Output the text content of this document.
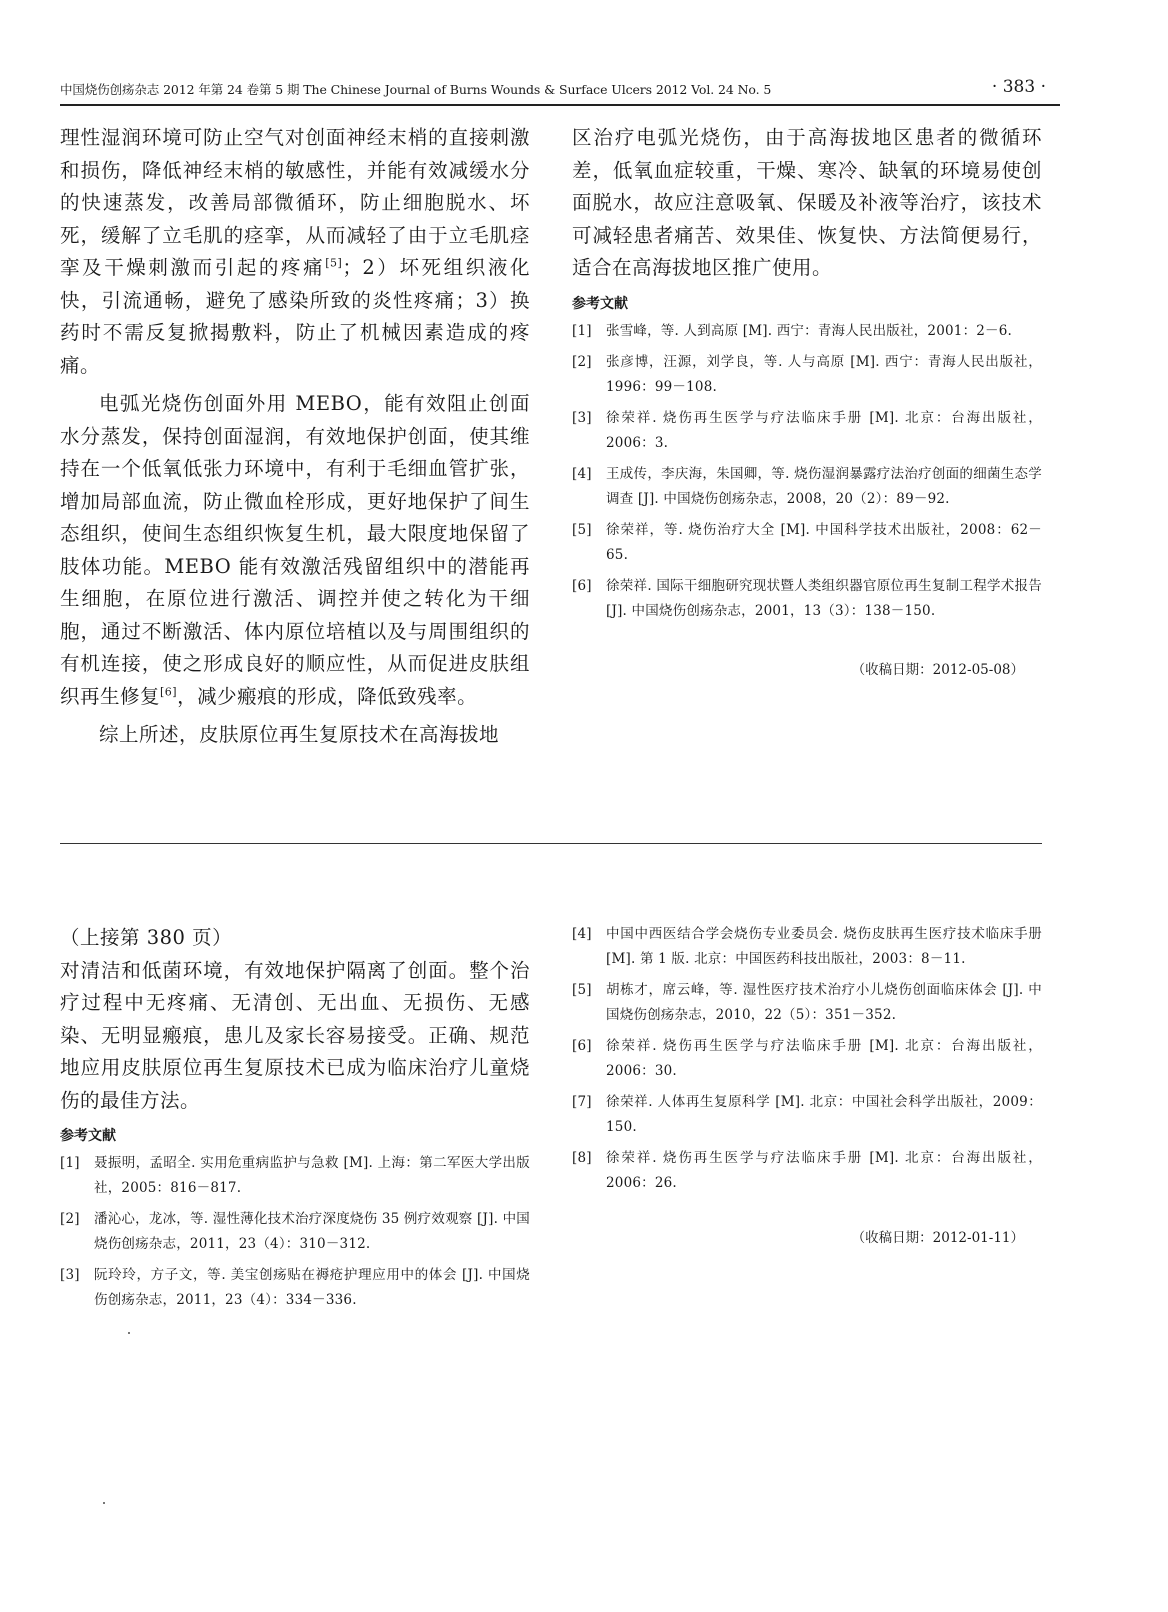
中国烧伤创疡杂志 2012 年第 24 卷第 5 期 The Chinese Journal of Burns Wounds & Surface Ulcers 2012 Vol. 24 No. 5	· 383 ·

理性湿润环境可防止空气对创面神经末梢的直接刺激和损伤，降低神经末梢的敏感性，并能有效减缓水分的快速蒸发，改善局部微循环，防止细胞脱水、坏死，缓解了立毛肌的痉挛，从而减轻了由于立毛肌痉挛及干燥刺激而引起的疼痛[5]；2）坏死组织液化快，引流通畅，避免了感染所致的炎性疼痛；3）换药时不需反复掀揭敷料，防止了机械因素造成的疼痛。

电弧光烧伤创面外用 MEBO，能有效阻止创面水分蒸发，保持创面湿润，有效地保护创面，使其维持在一个低氧低张力环境中，有利于毛细血管扩张，增加局部血流，防止微血栓形成，更好地保护了间生态组织，使间生态组织恢复生机，最大限度地保留了肢体功能。MEBO 能有效激活残留组织中的潜能再生细胞，在原位进行激活、调控并使之转化为干细胞，通过不断激活、体内原位培植以及与周围组织的有机连接，使之形成良好的顺应性，从而促进皮肤组织再生修复[6]，减少瘢痕的形成，降低致残率。

综上所述，皮肤原位再生复原技术在高海拔地

区治疗电弧光烧伤，由于高海拔地区患者的微循环差，低氧血症较重，干燥、寒冷、缺氧的环境易使创面脱水，故应注意吸氧、保暖及补液等治疗，该技术可减轻患者痛苦、效果佳、恢复快、方法简便易行，适合在高海拔地区推广使用。

参考文献
[1] 张雪峰，等. 人到高原 [M]. 西宁：青海人民出版社，2001：2－6.
[2] 张彦博，汪源，刘学良，等. 人与高原 [M]. 西宁：青海人民出版社，1996：99－108.
[3] 徐荣祥. 烧伤再生医学与疗法临床手册 [M]. 北京：台海出版社，2006：3.
[4] 王成传，李庆海，朱国卿，等. 烧伤湿润暴露疗法治疗创面的细菌生态学调查 [J]. 中国烧伤创疡杂志，2008，20（2）：89－92.
[5] 徐荣祥，等. 烧伤治疗大全 [M]. 中国科学技术出版社，2008：62－65.
[6] 徐荣祥. 国际干细胞研究现状暨人类组织器官原位再生复制工程学术报告 [J]. 中国烧伤创疡杂志，2001，13（3）：138－150.
（收稿日期：2012-05-08）

（上接第 380 页）

对清洁和低菌环境，有效地保护隔离了创面。整个治疗过程中无疼痛、无清创、无出血、无损伤、无感染、无明显瘢痕，患儿及家长容易接受。正确、规范地应用皮肤原位再生复原技术已成为临床治疗儿童烧伤的最佳方法。

参考文献
[1] 聂振明，孟昭全. 实用危重病监护与急救 [M]. 上海：第二军医大学出版社，2005：816－817.
[2] 潘沁心，龙冰，等. 湿性薄化技术治疗深度烧伤 35 例疗效观察 [J]. 中国烧伤创疡杂志，2011，23（4）：310－312.
[3] 阮玲玲，方子文，等. 美宝创疡贴在褥疮护理应用中的体会 [J]. 中国烧伤创疡杂志，2011，23（4）：334－336.
[4] 中国中西医结合学会烧伤专业委员会. 烧伤皮肤再生医疗技术临床手册 [M]. 第 1 版. 北京：中国医药科技出版社，2003：8－11.
[5] 胡栋才，席云峰，等. 湿性医疗技术治疗小儿烧伤创面临床体会 [J]. 中国烧伤创疡杂志，2010，22（5）：351－352.
[6] 徐荣祥. 烧伤再生医学与疗法临床手册 [M]. 北京：台海出版社，2006：30.
[7] 徐荣祥. 人体再生复原科学 [M]. 北京：中国社会科学出版社，2009：150.
[8] 徐荣祥. 烧伤再生医学与疗法临床手册 [M]. 北京：台海出版社，2006：26.
（收稿日期：2012-01-11）
